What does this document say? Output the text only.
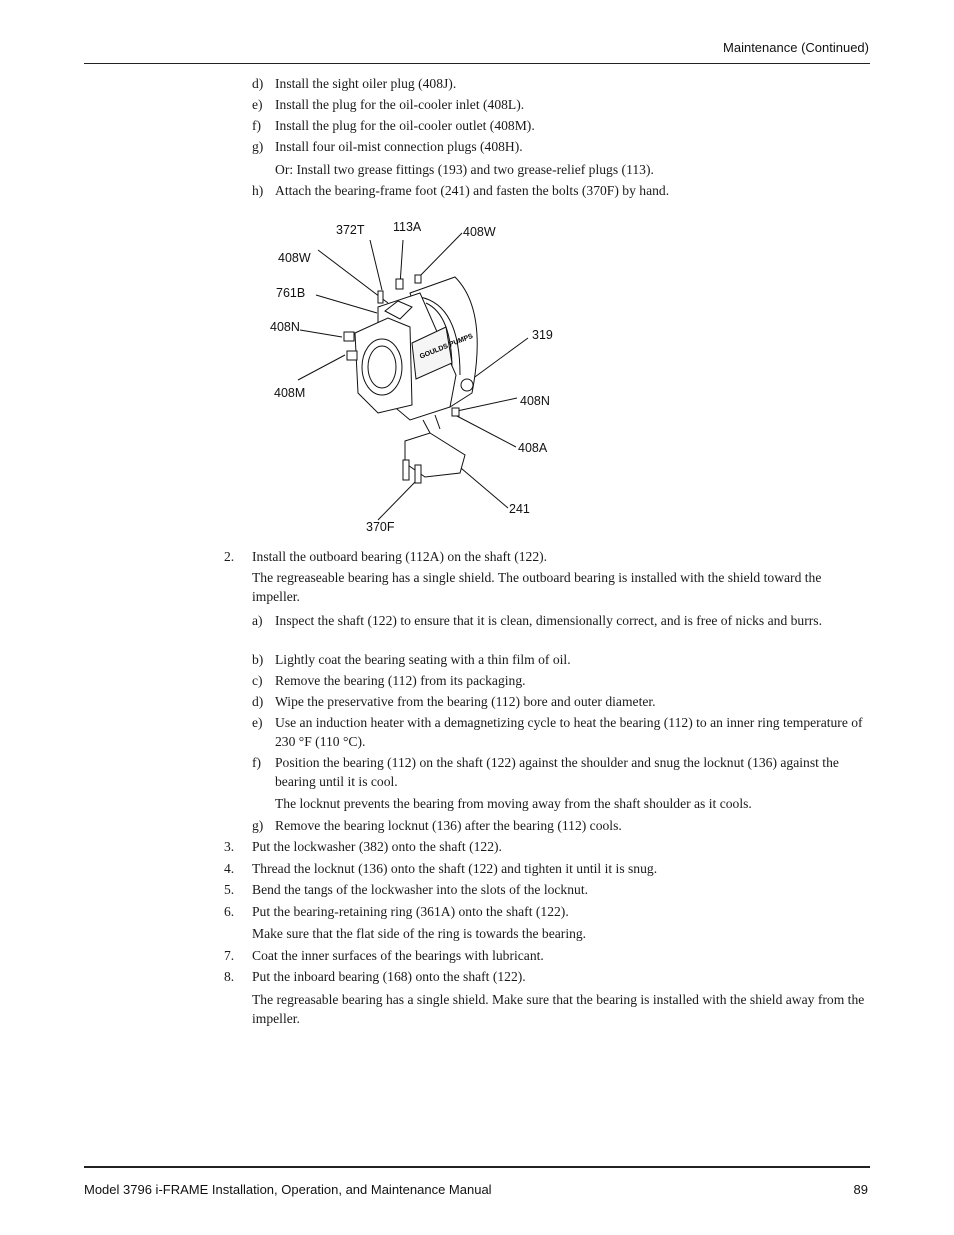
Maintenance (Continued)
d) Install the sight oiler plug (408J).
e) Install the plug for the oil-cooler inlet (408L).
f) Install the plug for the oil-cooler outlet (408M).
g) Install four oil-mist connection plugs (408H).
Or: Install two grease fittings (193) and two grease-relief plugs (113).
h) Attach the bearing-frame foot (241) and fasten the bolts (370F) by hand.
GOULDS PUMPS
372T 113A	408W
408W
761B
408N
319
408M
408N
408A
241
370F
2. Install the outboard bearing (112A) on the shaft (122).
The regreaseable bearing has a single shield. The outboard bearing is installed with the shield toward the impeller.
a) Inspect the shaft (122) to ensure that it is clean, dimensionally correct, and is free of nicks and burrs.
b) Lightly coat the bearing seating with a thin film of oil.
c) Remove the bearing (112) from its packaging.
d) Wipe the preservative from the bearing (112) bore and outer diameter.
e) Use an induction heater with a demagnetizing cycle to heat the bearing (112) to an inner ring temperature of 230 °F (110 °C).
f) Position the bearing (112) on the shaft (122) against the shoulder and snug the locknut (136) against the bearing until it is cool.
The locknut prevents the bearing from moving away from the shaft shoulder as it cools.
g) Remove the bearing locknut (136) after the bearing (112) cools.
3. Put the lockwasher (382) onto the shaft (122).
4. Thread the locknut (136) onto the shaft (122) and tighten it until it is snug.
5. Bend the tangs of the lockwasher into the slots of the locknut.
6. Put the bearing-retaining ring (361A) onto the shaft (122).
Make sure that the flat side of the ring is towards the bearing.
7. Coat the inner surfaces of the bearings with lubricant.
8. Put the inboard bearing (168) onto the shaft (122).
The regreasable bearing has a single shield. Make sure that the bearing is installed with the shield away from the impeller.
Model 3796 i-FRAME Installation, Operation, and Maintenance Manual	89
